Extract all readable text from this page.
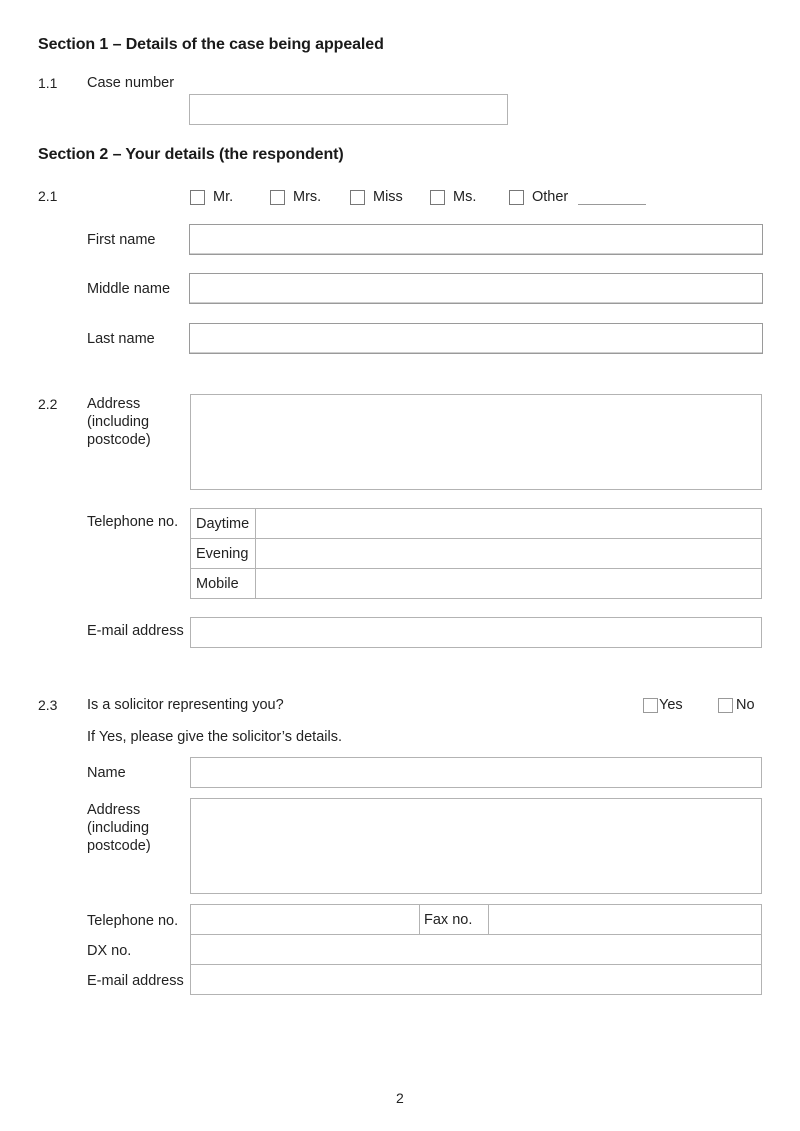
Section 1 – Details of the case being appealed
1.1 Case number
Section 2 – Your details (the respondent)
2.1	Mr.	Mrs.	Miss	Ms.	Other
First name
Middle name
Last name
2.2 Address
(including
postcode)
Telephone no. Daytime	
Evening	
Mobile	
E-mail address
2.3 Is a solicitor representing you?	Yes	No
If Yes, please give the solicitor’s details.
Name
Address
(including
postcode)
Telephone no.	Fax no.
DX no.
E-mail address
2
